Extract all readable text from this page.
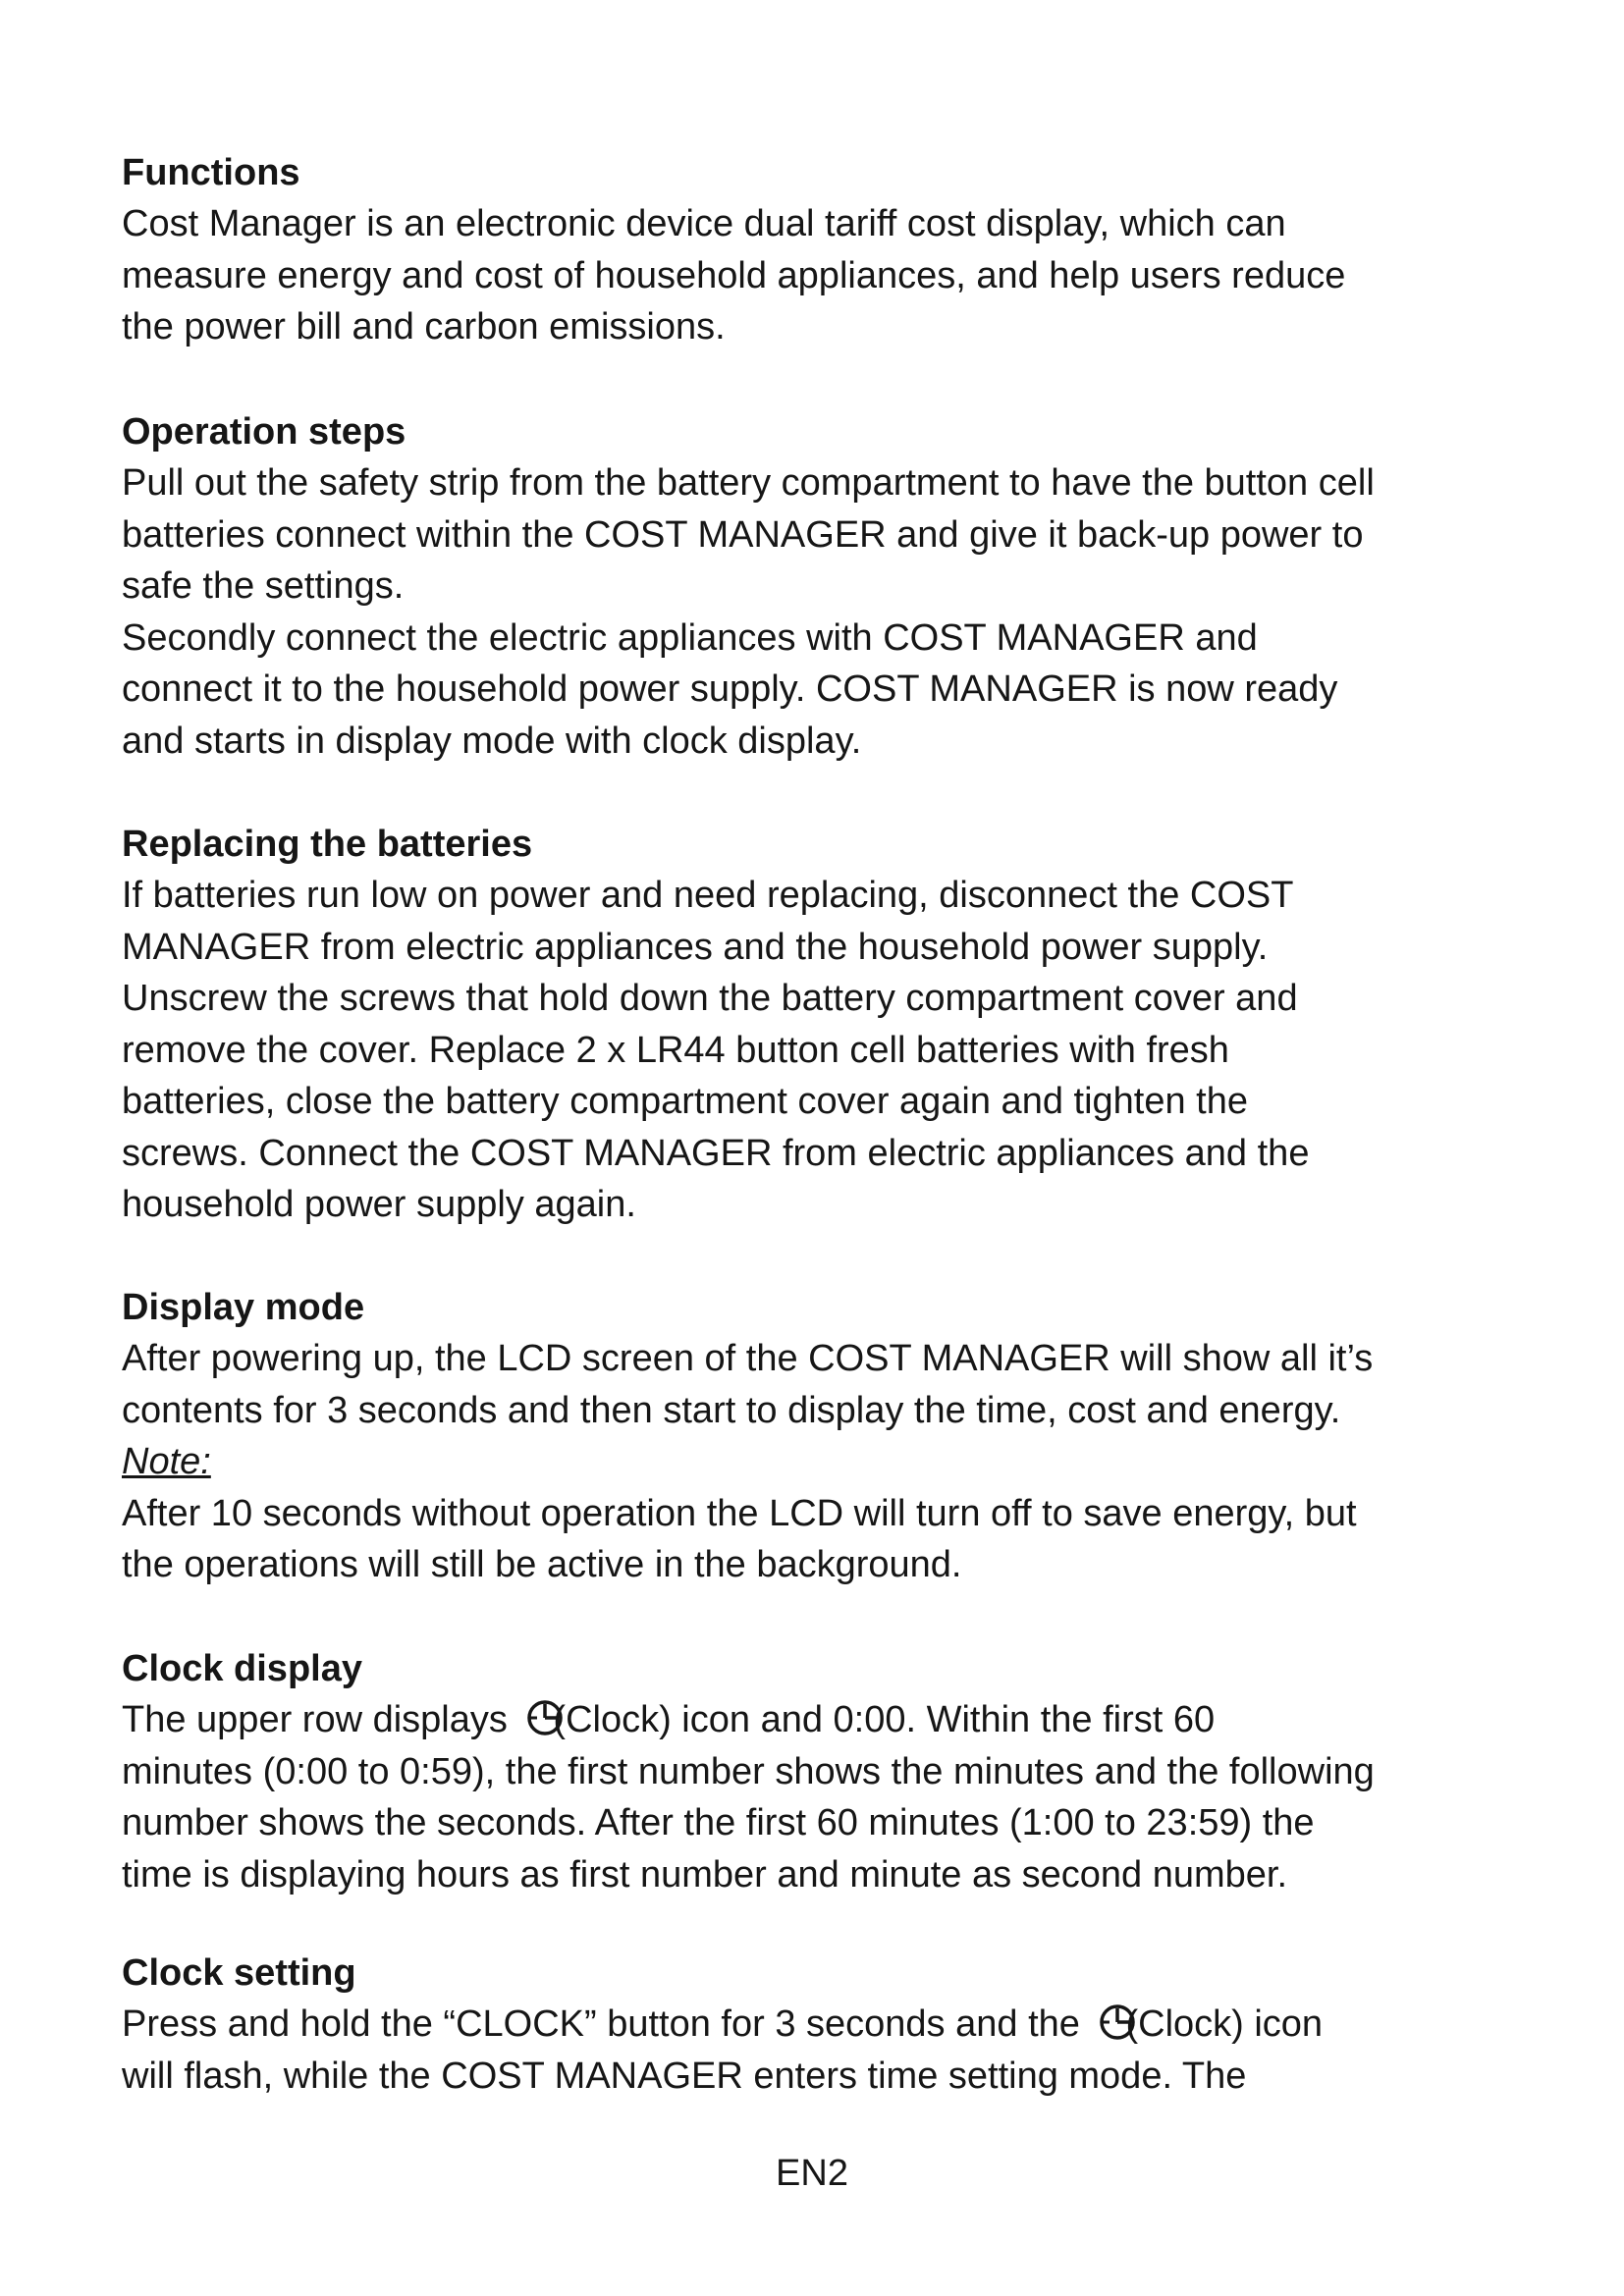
Functions

Cost Manager is an electronic device dual tariff cost display, which can

measure energy and cost of household appliances, and help users reduce

the power bill and carbon emissions.

Operation steps

Pull out the safety strip from the battery compartment to have the button cell

batteries connect within the COST MANAGER and give it back-up power to

safe the settings.

Secondly connect the electric appliances with COST MANAGER and

connect it to the household power supply. COST MANAGER is now ready

and starts in display mode with clock display.

Replacing the batteries

If batteries run low on power and need replacing, disconnect the COST

MANAGER from electric appliances and the household power supply.

Unscrew the screws that hold down the battery compartment cover and

remove the cover. Replace 2 x LR44 button cell batteries with fresh

batteries, close the battery compartment cover again and tighten the

screws. Connect the COST MANAGER from electric appliances and the

household power supply again.

Display mode

After powering up, the LCD screen of the COST MANAGER will show all it’s

contents for 3 seconds and then start to display the time, cost and energy.

Note:

After 10 seconds without operation the LCD will turn off to save energy, but

the operations will still be active in the background.

Clock display

The upper row displays
(Clock) icon and 0:00. Within the first 60

minutes (0:00 to 0:59), the first number shows the minutes and the following

number shows the seconds. After the first 60 minutes (1:00 to 23:59) the

time is displaying hours as first number and minute as second number.

Clock setting

Press and hold the “CLOCK” button for 3 seconds and the
(Clock) icon

will flash, while the COST MANAGER enters time setting mode. The

EN2
